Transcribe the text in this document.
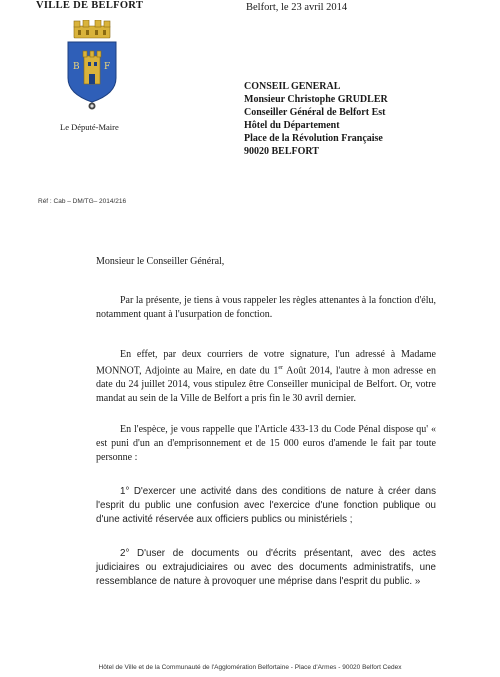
VILLE DE BELFORT	Belfort, le 23 avril 2014
B	F
Le Député-Maire
CONSEIL GENERAL
Monsieur Christophe GRUDLER
Conseiller Général de Belfort Est
Hôtel du Département
Place de la Révolution Française
90020 BELFORT
Réf : Cab – DM/TG– 2014/216
Monsieur le Conseiller Général,
Par la présente, je tiens à vous rappeler les règles attenantes à la fonction d'élu, notamment quant à l'usurpation de fonction.
En effet, par deux courriers de votre signature, l'un adressé à Madame MONNOT, Adjointe au Maire, en date du 1er Août 2014, l'autre à mon adresse en date du 24 juillet 2014, vous stipulez être Conseiller municipal de Belfort. Or, votre mandat au sein de la Ville de Belfort a pris fin le 30 avril dernier.
En l'espèce, je vous rappelle que l'Article 433-13 du Code Pénal dispose qu' « est puni d'un an d'emprisonnement et de 15 000 euros d'amende le fait par toute personne :
1° D'exercer une activité dans des conditions de nature à créer dans l'esprit du public une confusion avec l'exercice d'une fonction publique ou d'une activité réservée aux officiers publics ou ministériels ;
2° D'user de documents ou d'écrits présentant, avec des actes judiciaires ou extrajudiciaires ou avec des documents administratifs, une ressemblance de nature à provoquer une méprise dans l'esprit du public. »
Hôtel de Ville et de la Communauté de l'Agglomération Belfortaine - Place d'Armes - 90020 Belfort Cedex
